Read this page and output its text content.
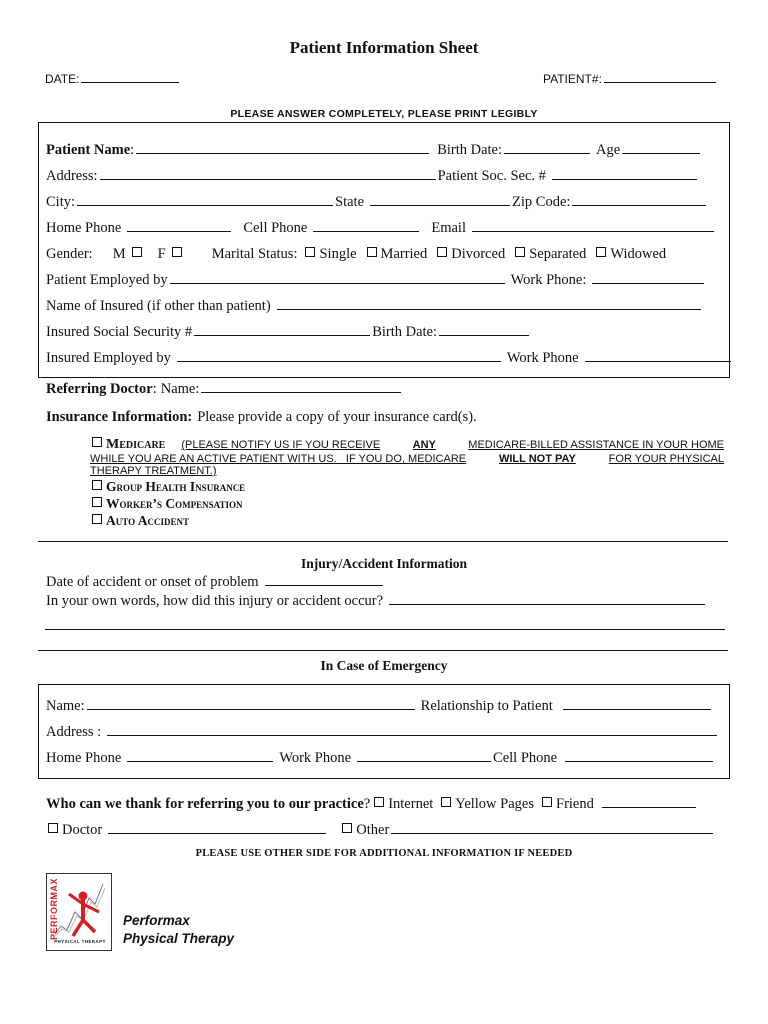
Patient Information Sheet
DATE:	PATIENT#:
PLEASE ANSWER COMPLETELY, PLEASE PRINT LEGIBLY
Patient Name :	Birth Date:	Age
Address:	Patient Soc. Sec. #
City:	State	Zip Code:
Home Phone	Cell Phone	Email
Gender: M F	Marital Status: Single Married Divorced Separated Widowed
Patient Employed by	Work Phone:
Name of Insured (if other than patient)
Insured Social Security #	Birth Date:
Insured Employed by	Work Phone
Referring Doctor : Name:
Insurance Information: Please provide a copy of your insurance card(s).
Medicare (PLEASE NOTIFY US IF YOU RECEIVE	ANY	MEDICARE-BILLED ASSISTANCE IN YOUR HOME
WHILE YOU ARE AN ACTIVE PATIENT WITH US.   IF YOU DO, MEDICARE	WILL NOT PAY	FOR YOUR PHYSICAL
THERAPY TREATMENT.)
Group Health Insurance
Worker’s Compensation
Auto Accident
Injury/Accident Information
Date of accident or onset of problem
In your own words, how did this injury or accident occur?
In Case of Emergency
Name:	Relationship to Patient
Address :
Home Phone	Work Phone	Cell Phone
Who can we thank for referring you to our practice ? Internet Yellow Pages Friend
Doctor	Other
PLEASE USE OTHER SIDE FOR ADDITIONAL INFORMATION IF NEEDED
PERFORMAX
PHYSICAL THERAPY
Performax
Physical Therapy
